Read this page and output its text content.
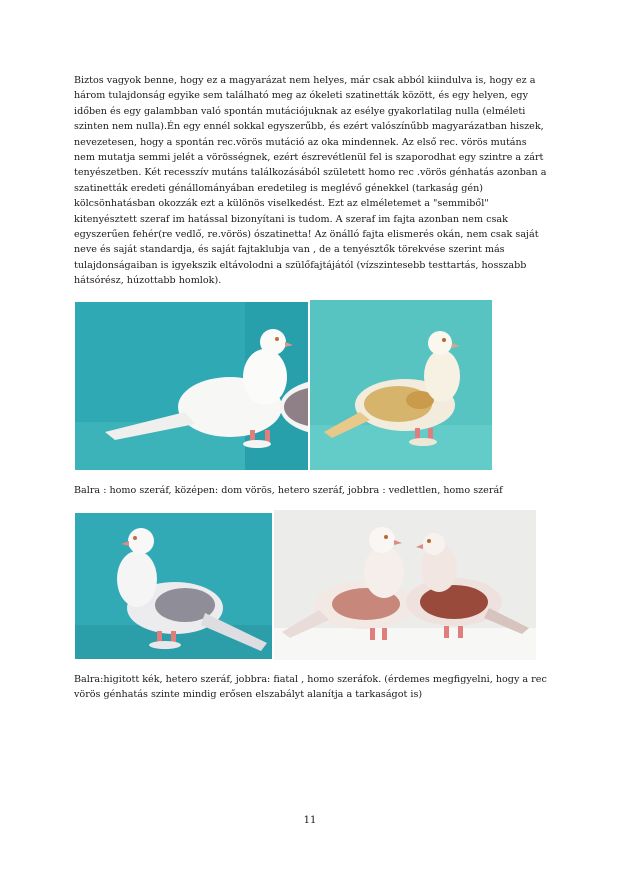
Biztos vagyok benne, hogy ez a magyarázat nem helyes, már csak abból kiindulva is, hogy ez a

három tulajdonság egyike sem található meg az ókeleti szatinetták között, és egy helyen, egy

időben és egy galambban való spontán mutációjuknak az esélye gyakorlatilag nulla (elméleti

szinten nem nulla).Én egy ennél sokkal egyszerűbb, és ezért valószínűbb magyarázatban hiszek,

nevezetesen, hogy a spontán rec.vörös mutáció az oka mindennek. Az első rec. vörös mutáns

nem mutatja semmi jelét a vörösségnek, ezért észrevétlenül fel is szaporodhat egy szintre a zárt

tenyészetben. Két recesszív mutáns találkozásából született homo rec .vörös génhatás azonban a

szatinetták eredeti génállományában eredetileg is meglévő génekkel (tarkaság gén)

kölcsönhatásban okozzák ezt a különös viselkedést. Ezt az elméletemet a "semmiből"

kitenyésztett szeraf im hatással bizonyítani is tudom. A szeraf im fajta azonban nem csak

egyszerűen fehér(re vedlő, re.vörös) ószatinetta! Az önálló fajta elismerés okán, nem csak saját

neve és saját standardja, és saját fajtaklubja van , de a tenyésztők törekvése szerint más

tulajdonságaiban is igyekszik eltávolodni a szülőfajtájától (vízszintesebb testtartás, hosszabb

hátsórész, húzottabb homlok).

Balra : homo szeráf, középen: dom vörös, hetero szeráf, jobbra : vedlettlen, homo szeráf

Balra:higitott kék, hetero szeráf, jobbra: fiatal , homo szeráfok. (érdemes megfigyelni, hogy a rec

vörös génhatás szinte mindig erősen elszabályt alanítja a tarkaságot is)

11
